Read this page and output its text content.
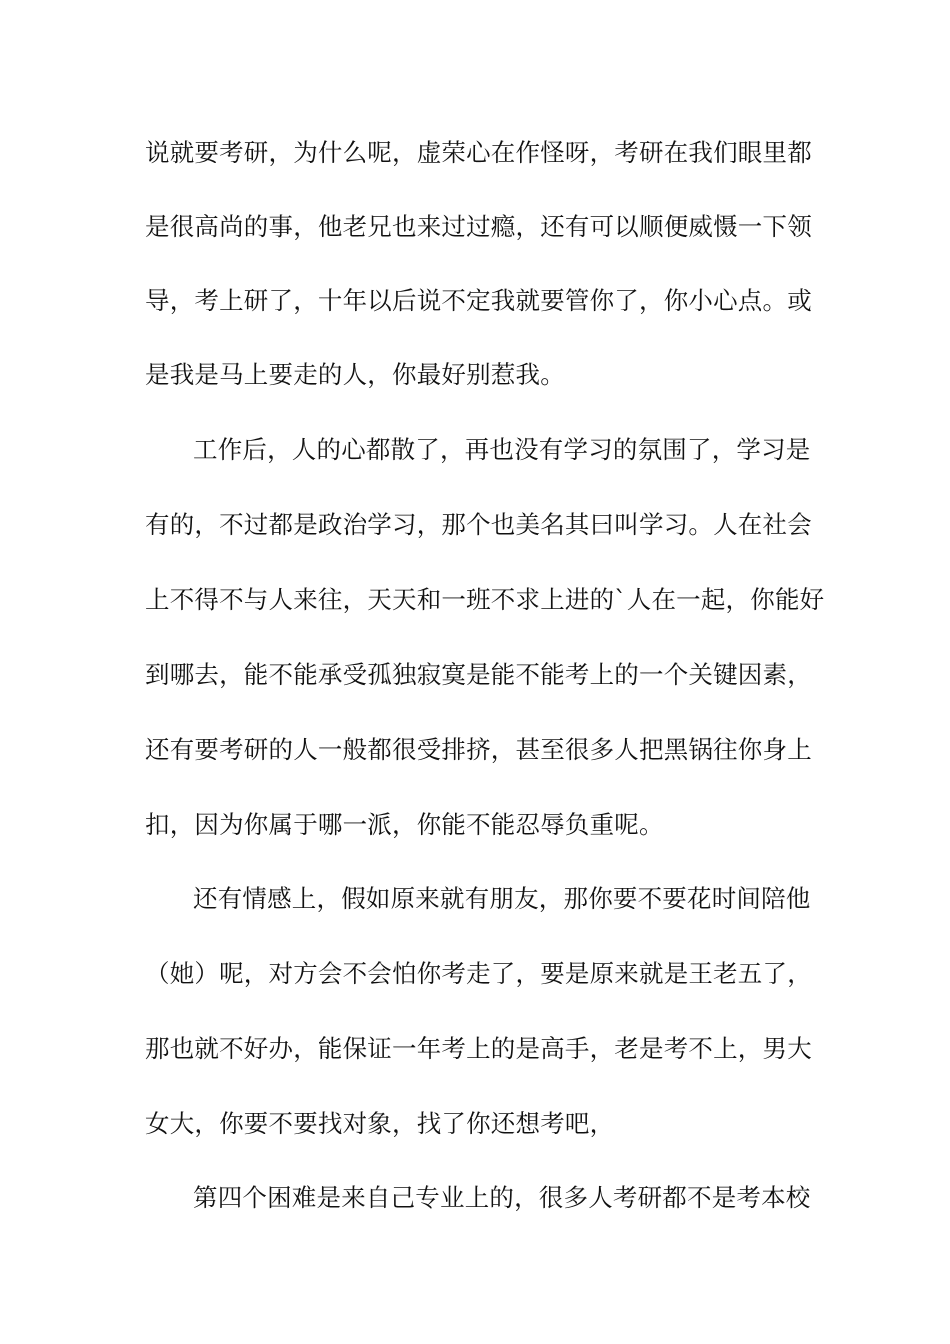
说就要考研，为什么呢，虚荣心在作怪呀，考研在我们眼里都
是很高尚的事，他老兄也来过过瘾，还有可以顺便威慑一下领
导，考上研了，十年以后说不定我就要管你了，你小心点。或
是我是马上要走的人，你最好别惹我。
工作后，人的心都散了，再也没有学习的氛围了，学习是
有的，不过都是政治学习，那个也美名其曰叫学习。人在社会
上不得不与人来往，天天和一班不求上进的`人在一起，你能好
到哪去，能不能承受孤独寂寞是能不能考上的一个关键因素，
还有要考研的人一般都很受排挤，甚至很多人把黑锅往你身上
扣，因为你属于哪一派，你能不能忍辱负重呢。
还有情感上，假如原来就有朋友，那你要不要花时间陪他
（她）呢，对方会不会怕你考走了，要是原来就是王老五了，
那也就不好办，能保证一年考上的是高手，老是考不上，男大
女大，你要不要找对象，找了你还想考吧，
第四个困难是来自己专业上的，很多人考研都不是考本校
